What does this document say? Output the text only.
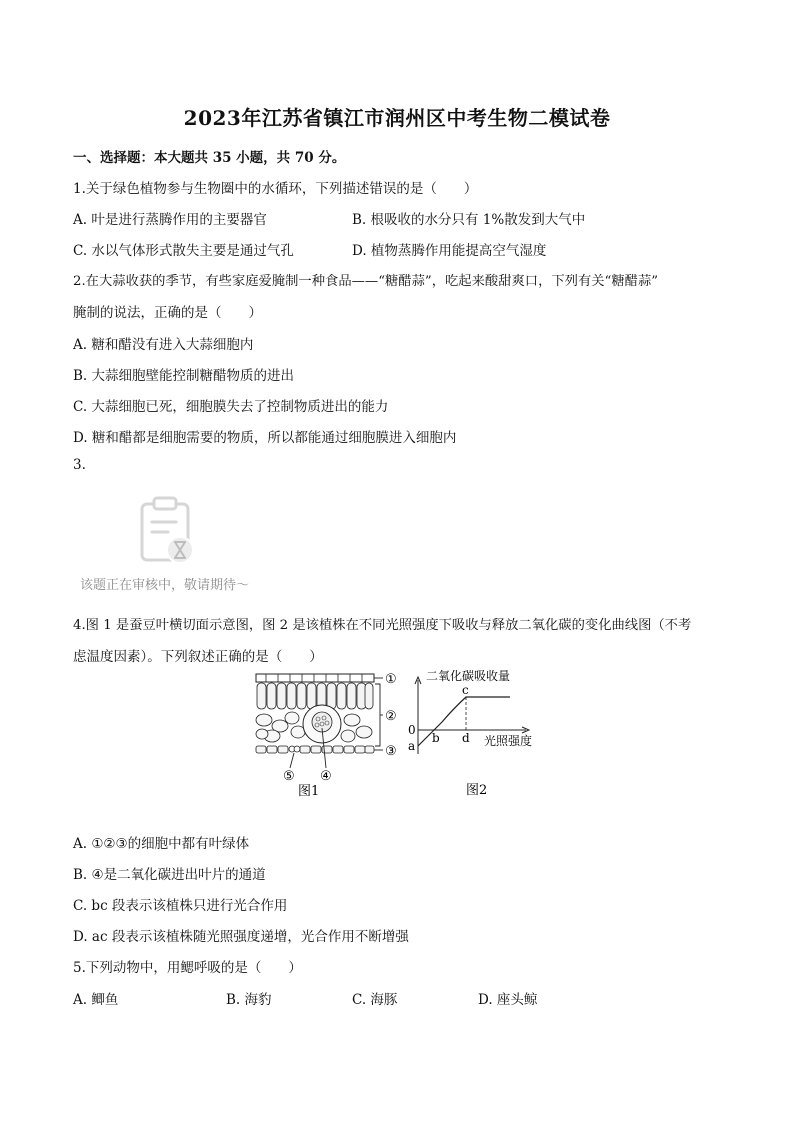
2023年江苏省镇江市润州区中考生物二模试卷
一、选择题：本大题共 35 小题，共 70 分。
1.关于绿色植物参与生物圈中的水循环，下列描述错误的是（　　）
A. 叶是进行蒸腾作用的主要器官	B. 根吸收的水分只有 1%散发到大气中
C. 水以气体形式散失主要是通过气孔	D. 植物蒸腾作用能提高空气湿度
2.在大蒜收获的季节，有些家庭爱腌制一种食品——“糖醋蒜”，吃起来酸甜爽口，下列有关“糖醋蒜”
腌制的说法，正确的是（　　）
A. 糖和醋没有进入大蒜细胞内
B. 大蒜细胞壁能控制糖醋物质的进出
C. 大蒜细胞已死，细胞膜失去了控制物质进出的能力
D. 糖和醋都是细胞需要的物质，所以都能通过细胞膜进入细胞内
3.
该题正在审核中，敬请期待～
4.图 1 是蚕豆叶横切面示意图，图 2 是该植株在不同光照强度下吸收与释放二氧化碳的变化曲线图（不考
虑温度因素）。下列叙述正确的是（　　）
①
②
③
④
⑤
图1
二氧化碳吸收量
光照强度
0
a
b
c
d
图2
A. ①②③的细胞中都有叶绿体
B. ④是二氧化碳进出叶片的通道
C. bc 段表示该植株只进行光合作用
D. ac 段表示该植株随光照强度递增，光合作用不断增强
5.下列动物中，用鳃呼吸的是（　　）
A. 鲫鱼	B. 海豹	C. 海豚	D. 座头鲸
